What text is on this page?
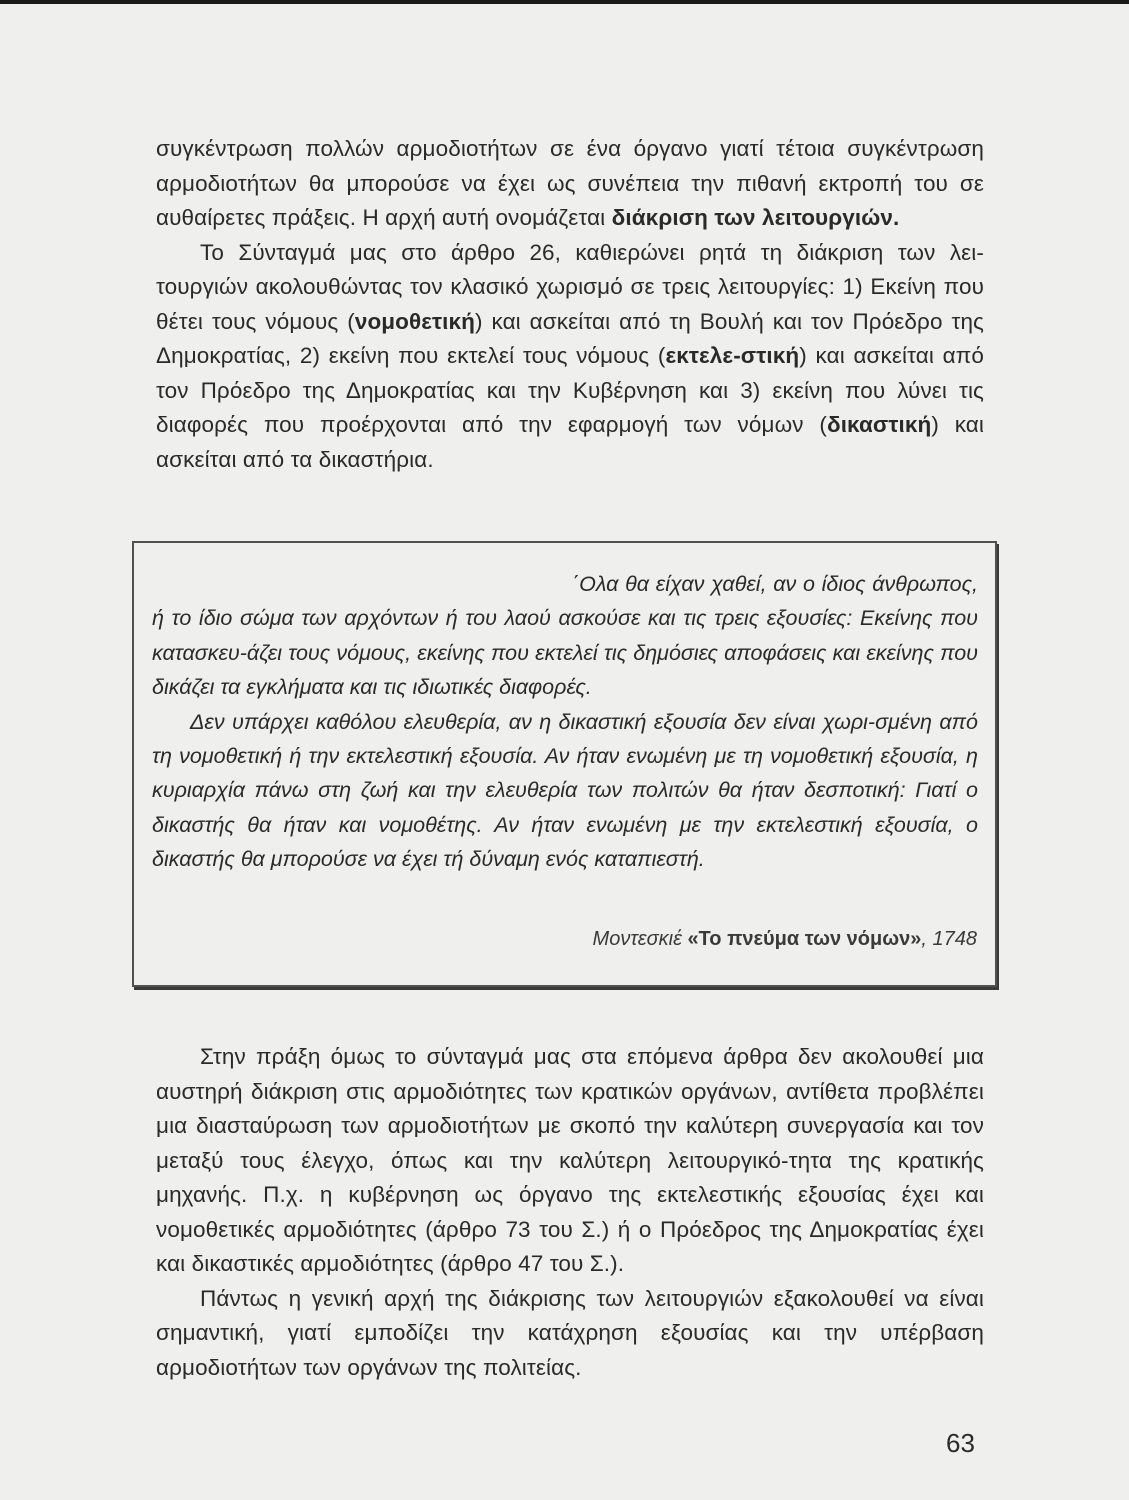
συγκέντρωση πολλών αρμοδιοτήτων σε ένα όργανο γιατί τέτοια συγκέντρωση αρμοδιοτήτων θα μπορούσε να έχει ως συνέπεια την πιθανή εκτροπή του σε αυθαίρετες πράξεις. Η αρχή αυτή ονομάζεται διάκριση των λειτουργιών.

Το Σύνταγμά μας στο άρθρο 26, καθιερώνει ρητά τη διάκριση των λει-τουργιών ακολουθώντας τον κλασικό χωρισμό σε τρεις λειτουργίες: 1) Εκείνη που θέτει τους νόμους (νομοθετική) και ασκείται από τη Βουλή και τον Πρόεδρο της Δημοκρατίας, 2) εκείνη που εκτελεί τους νόμους (εκτελε-στική) και ασκείται από τον Πρόεδρο της Δημοκρατίας και την Κυβέρνηση και 3) εκείνη που λύνει τις διαφορές που προέρχονται από την εφαρμογή των νόμων (δικαστική) και ασκείται από τα δικαστήρια.

΄Ολα θα είχαν χαθεί, αν ο ίδιος άνθρωπος, ή το ίδιο σώμα των αρχόντων ή του λαού ασκούσε και τις τρεις εξουσίες: Εκείνης που κατασκευ-άζει τους νόμους, εκείνης που εκτελεί τις δημόσιες αποφάσεις και εκείνης που δικάζει τα εγκλήματα και τις ιδιωτικές διαφορές.

Δεν υπάρχει καθόλου ελευθερία, αν η δικαστική εξουσία δεν είναι χωρι-σμένη από τη νομοθετική ή την εκτελεστική εξουσία. Αν ήταν ενωμένη με τη νομοθετική εξουσία, η κυριαρχία πάνω στη ζωή και την ελευθερία των πολιτών θα ήταν δεσποτική: Γιατί ο δικαστής θα ήταν και νομοθέτης. Αν ήταν ενωμένη με την εκτελεστική εξουσία, ο δικαστής θα μπορούσε να έχει τή δύναμη ενός καταπιεστή.

Μοντεσκιέ «Το πνεύμα των νόμων», 1748

Στην πράξη όμως το σύνταγμά μας στα επόμενα άρθρα δεν ακολουθεί μια αυστηρή διάκριση στις αρμοδιότητες των κρατικών οργάνων, αντίθετα προβλέπει μια διασταύρωση των αρμοδιοτήτων με σκοπό την καλύτερη συνεργασία και τον μεταξύ τους έλεγχο, όπως και την καλύτερη λειτουργικό-τητα της κρατικής μηχανής. Π.χ. η κυβέρνηση ως όργανο της εκτελεστικής εξουσίας έχει και νομοθετικές αρμοδιότητες (άρθρο 73 του Σ.) ή ο Πρόεδρος της Δημοκρατίας έχει και δικαστικές αρμοδιότητες (άρθρο 47 του Σ.).

Πάντως η γενική αρχή της διάκρισης των λειτουργιών εξακολουθεί να είναι σημαντική, γιατί εμποδίζει την κατάχρηση εξουσίας και την υπέρβαση αρμοδιοτήτων των οργάνων της πολιτείας.

63
